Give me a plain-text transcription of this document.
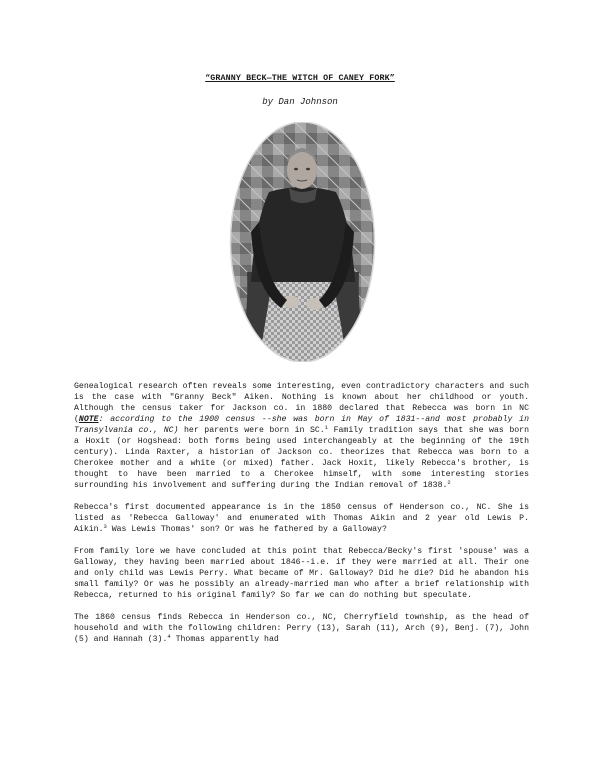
“GRANNY BECK—THE WITCH OF CANEY FORK”
by Dan Johnson

Genealogical research often reveals some interesting, even contradictory characters and such is the case with "Granny Beck" Aiken. Nothing is known about her childhood or youth. Although the census taker for Jackson co. in 1880 declared that Rebecca was born in NC (NOTE: according to the 1900 census --she was born in May of 1831--and most probably in Transylvania co., NC) her parents were born in SC.$^1$ Family tradition says that she was born a Hoxit (or Hogshead: both forms being used interchangeably at the beginning of the 19th century). Linda Raxter, a historian of Jackson co. theorizes that Rebecca was born to a Cherokee mother and a white (or mixed) father. Jack Hoxit, likely Rebecca's brother, is thought to have been married to a Cherokee himself, with some interesting stories surrounding his involvement and suffering during the Indian removal of 1838.$^2$

Rebecca's first documented appearance is in the 1850 census of Henderson co., NC. She is listed as 'Rebecca Galloway' and enumerated with Thomas Aikin and 2 year old Lewis P. Aikin.$^3$ Was Lewis Thomas' son? Or was he fathered by a Galloway?

From family lore we have concluded at this point that Rebecca/Becky's first 'spouse' was a Galloway, they having been married about 1846--i.e. if they were married at all. Their one and only child was Lewis Perry. What became of Mr. Galloway? Did he die? Did he abandon his small family? Or was he possibly an already-married man who after a brief relationship with Rebecca, returned to his original family? So far we can do nothing but speculate.

The 1860 census finds Rebecca in Henderson co., NC, Cherryfield township, as the head of household and with the following children: Perry (13), Sarah (11), Arch (9), Benj. (7), John (5) and Hannah (3).$^4$ Thomas apparently had
